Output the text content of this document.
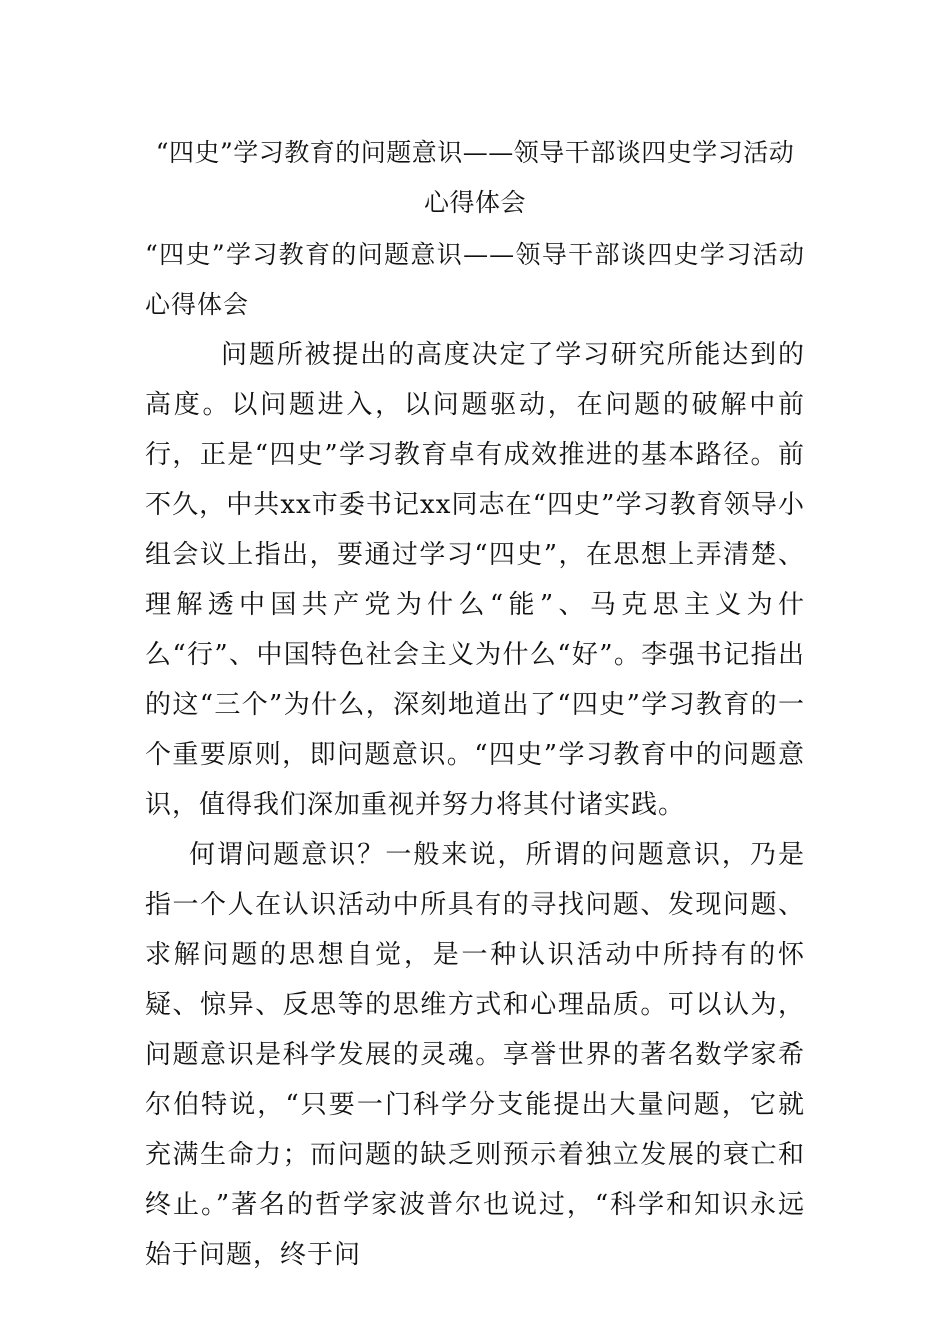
“四史”学习教育的问题意识——领导干部谈四史学习活动心得体会

“四史”学习教育的问题意识——领导干部谈四史学习活动心得体会

问题所被提出的高度决定了学习研究所能达到的高度。以问题进入，以问题驱动，在问题的破解中前行，正是“四史”学习教育卓有成效推进的基本路径。前不久，中共xx市委书记xx同志在“四史”学习教育领导小组会议上指出，要通过学习“四史”，在思想上弄清楚、理解透中国共产党为什么“能”、马克思主义为什么“行”、中国特色社会主义为什么“好”。李强书记指出的这“三个”为什么，深刻地道出了“四史”学习教育的一个重要原则，即问题意识。“四史”学习教育中的问题意识，值得我们深加重视并努力将其付诸实践。

何谓问题意识？一般来说，所谓的问题意识，乃是指一个人在认识活动中所具有的寻找问题、发现问题、求解问题的思想自觉，是一种认识活动中所持有的怀疑、惊异、反思等的思维方式和心理品质。可以认为，问题意识是科学发展的灵魂。享誉世界的著名数学家希尔伯特说，“只要一门科学分支能提出大量问题，它就充满生命力；而问题的缺乏则预示着独立发展的衰亡和终止。”著名的哲学家波普尔也说过，“科学和知识永远始于问题，终于问
